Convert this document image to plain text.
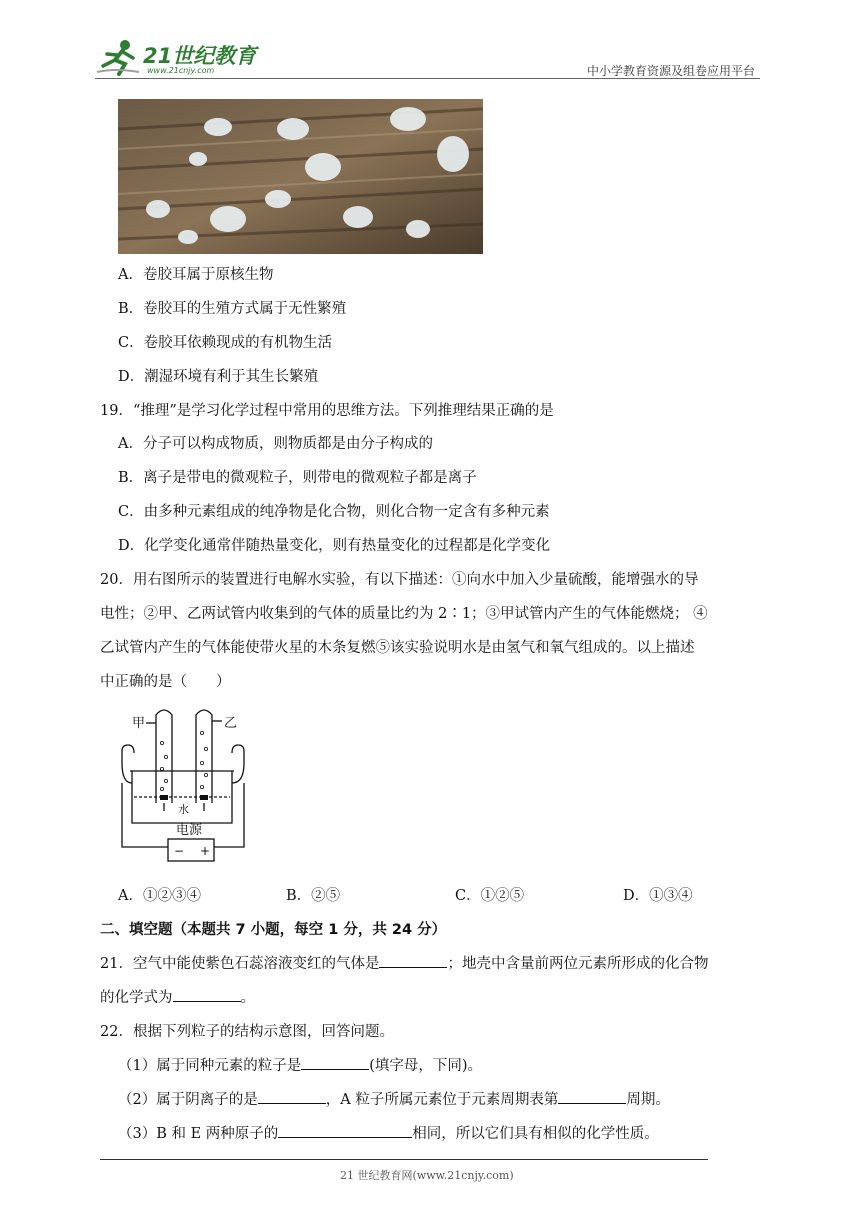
21世纪教育
www.21cnjy.com	中小学教育资源及组卷应用平台
A．卷胶耳属于原核生物
B．卷胶耳的生殖方式属于无性繁殖
C．卷胶耳依赖现成的有机物生活
D．潮湿环境有利于其生长繁殖
19．“推理”是学习化学过程中常用的思维方法。下列推理结果正确的是
A．分子可以构成物质，则物质都是由分子构成的
B．离子是带电的微观粒子，则带电的微观粒子都是离子
C．由多种元素组成的纯净物是化合物，则化合物一定含有多种元素
D．化学变化通常伴随热量变化，则有热量变化的过程都是化学变化
20．用右图所示的装置进行电解水实验，有以下描述：①向水中加入少量硫酸，能增强水的导
电性；②甲、乙两试管内收集到的气体的质量比约为 2∶1；③甲试管内产生的气体能燃烧； ④
乙试管内产生的气体能使带火星的木条复燃⑤该实验说明水是由氢气和氧气组成的。以上描述
中正确的是（　　）
甲	乙
水
电源
− +
A．①②③④	B．②⑤	C．①②⑤	D．①③④
二、填空题（本题共 7 小题，每空 1 分，共 24 分）
21．空气中能使紫色石蕊溶液变红的气体是	；地壳中含量前两位元素所形成的化合物
的化学式为	。
22．根据下列粒子的结构示意图，回答问题。
（1）属于同种元素的粒子是	(填字母，下同)。
（2）属于阴离子的是	，A 粒子所属元素位于元素周期表第	周期。
（3）B 和 E 两种原子的	相同，所以它们具有相似的化学性质。
21 世纪教育网(www.21cnjy.com)
